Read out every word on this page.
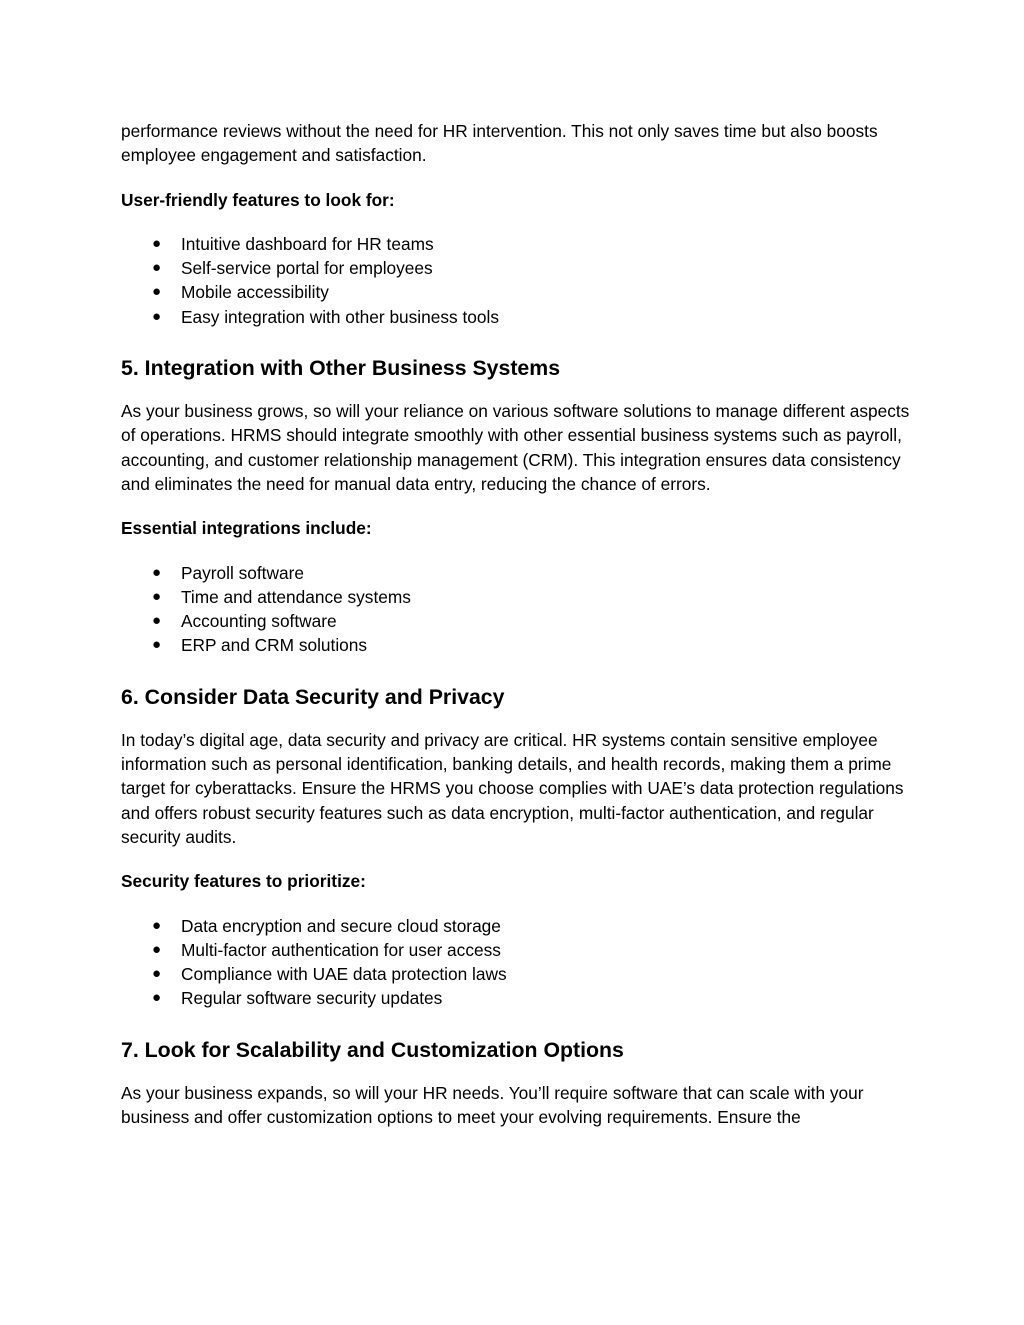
performance reviews without the need for HR intervention. This not only saves time but also boosts employee engagement and satisfaction.

User-friendly features to look for:

● Intuitive dashboard for HR teams
● Self-service portal for employees
● Mobile accessibility
● Easy integration with other business tools
5. Integration with Other Business Systems

As your business grows, so will your reliance on various software solutions to manage different aspects of operations. HRMS should integrate smoothly with other essential business systems such as payroll, accounting, and customer relationship management (CRM). This integration ensures data consistency and eliminates the need for manual data entry, reducing the chance of errors.

Essential integrations include:

● Payroll software
● Time and attendance systems
● Accounting software
● ERP and CRM solutions
6. Consider Data Security and Privacy

In today’s digital age, data security and privacy are critical. HR systems contain sensitive employee information such as personal identification, banking details, and health records, making them a prime target for cyberattacks. Ensure the HRMS you choose complies with UAE’s data protection regulations and offers robust security features such as data encryption, multi-factor authentication, and regular security audits.

Security features to prioritize:

● Data encryption and secure cloud storage
● Multi-factor authentication for user access
● Compliance with UAE data protection laws
● Regular software security updates
7. Look for Scalability and Customization Options

As your business expands, so will your HR needs. You’ll require software that can scale with your business and offer customization options to meet your evolving requirements. Ensure the
